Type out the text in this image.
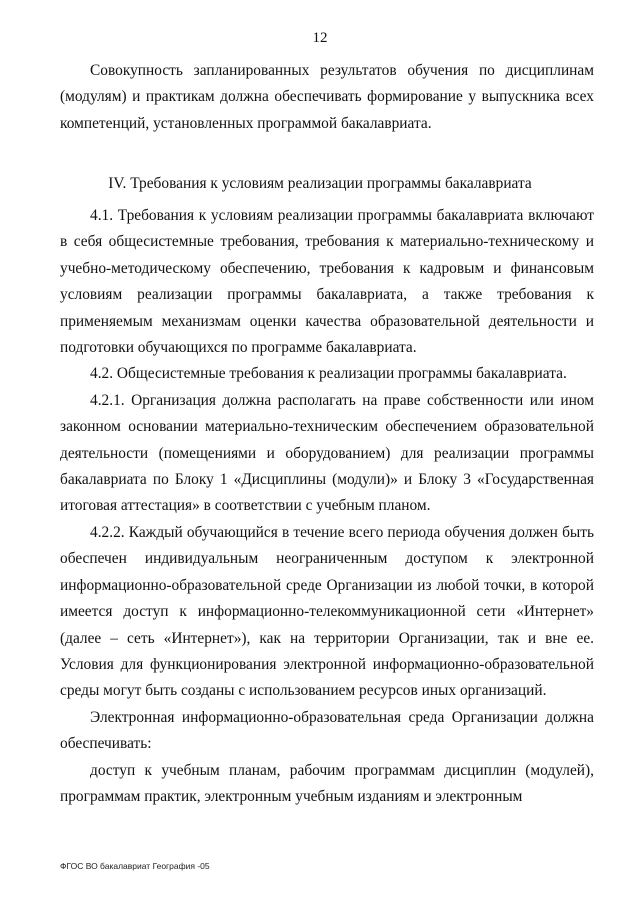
12

Совокупность запланированных результатов обучения по дисциплинам (модулям) и практикам должна обеспечивать формирование у выпускника всех компетенций, установленных программой бакалавриата.

IV. Требования к условиям реализации программы бакалавриата

4.1. Требования к условиям реализации программы бакалавриата включают в себя общесистемные требования, требования к материально-техническому и учебно-методическому обеспечению, требования к кадровым и финансовым условиям реализации программы бакалавриата, а также требования к применяемым механизмам оценки качества образовательной деятельности и подготовки обучающихся по программе бакалавриата.

4.2. Общесистемные требования к реализации программы бакалавриата.

4.2.1. Организация должна располагать на праве собственности или ином законном основании материально-техническим обеспечением образовательной деятельности (помещениями и оборудованием) для реализации программы бакалавриата по Блоку 1 «Дисциплины (модули)» и Блоку 3 «Государственная итоговая аттестация» в соответствии с учебным планом.

4.2.2. Каждый обучающийся в течение всего периода обучения должен быть обеспечен индивидуальным неограниченным доступом к электронной информационно-образовательной среде Организации из любой точки, в которой имеется доступ к информационно-телекоммуникационной сети «Интернет» (далее – сеть «Интернет»), как на территории Организации, так и вне ее. Условия для функционирования электронной информационно-образовательной среды могут быть созданы с использованием ресурсов иных организаций.

Электронная информационно-образовательная среда Организации должна обеспечивать:

доступ к учебным планам, рабочим программам дисциплин (модулей), программам практик, электронным учебным изданиям и электронным

ФГОС ВО бакалавриат География -05
